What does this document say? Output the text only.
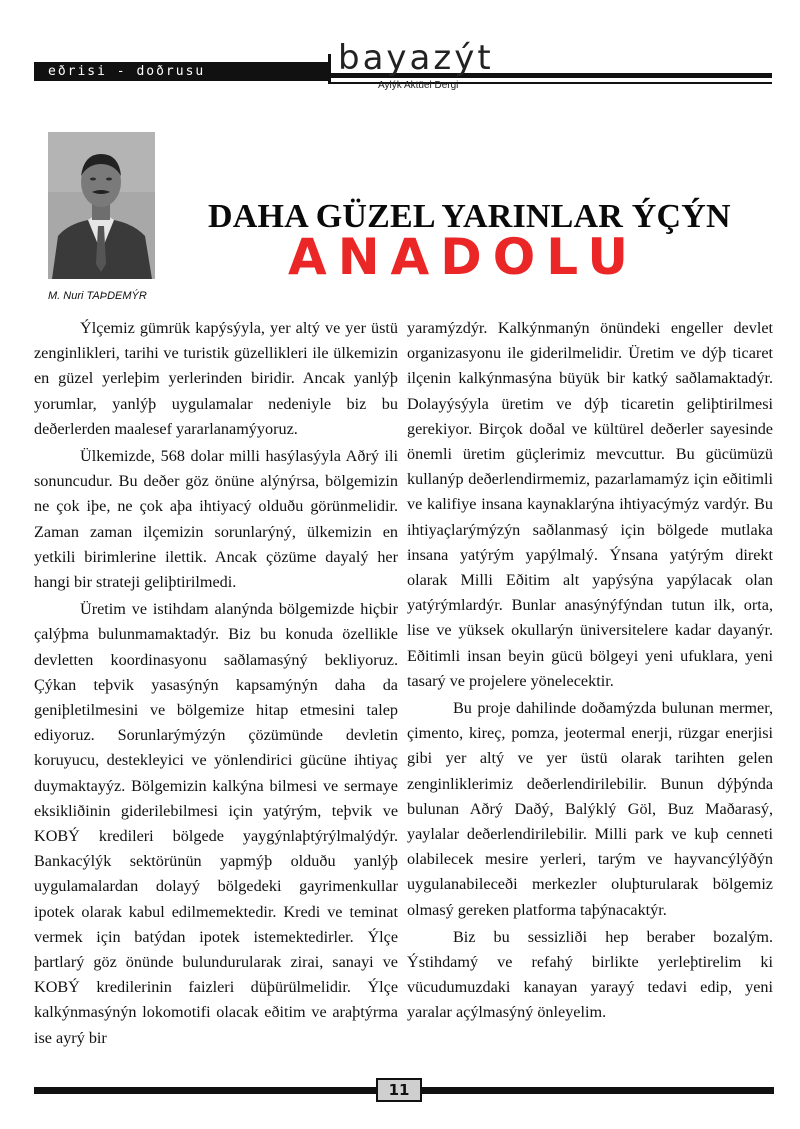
eðrisi - doðrusu	bayazýt
Aylýk Aktüel Dergi
M. Nuri TAÞDEMÝR
DAHA GÜZEL YARINLAR ÝÇÝN
ANADOLU

Ýlçemiz gümrük kapýsýyla, yer altý ve yer üstü zenginlikleri, tarihi ve turistik güzellikleri ile ülkemizin en güzel yerleþim yerlerinden biridir. Ancak yanlýþ yorumlar, yanlýþ uygulamalar nedeniyle biz bu deðerlerden maalesef yararlanamýyoruz.

Ülkemizde, 568 dolar milli hasýlasýyla Aðrý ili sonuncudur. Bu deðer göz önüne alýnýrsa, bölgemizin ne çok iþe, ne çok aþa ihtiyacý olduðu görünmelidir. Zaman zaman ilçemizin sorunlarýný, ülkemizin en yetkili birimlerine ilettik. Ancak çözüme dayalý her hangi bir strateji geliþtirilmedi.

Üretim ve istihdam alanýnda bölgemizde hiçbir çalýþma bulunmamaktadýr. Biz bu konuda özellikle devletten koordinasyonu saðlamasýný bekliyoruz. Çýkan teþvik yasasýnýn kapsamýnýn daha da geniþletilmesini ve bölgemize hitap etmesini talep ediyoruz. Sorunlarýmýzýn çözümünde devletin koruyucu, destekleyici ve yönlendirici gücüne ihtiyaç duymaktayýz. Bölgemizin kalkýna bilmesi ve sermaye eksikliðinin giderilebilmesi için yatýrým, teþvik ve KOBÝ kredileri bölgede yaygýnlaþtýrýlmalýdýr. Bankacýlýk sektörünün yapmýþ olduðu yanlýþ uygulamalardan dolayý bölgedeki gayrimenkullar ipotek olarak kabul edilmemektedir. Kredi ve teminat vermek için batýdan ipotek istemektedirler. Ýlçe þartlarý göz önünde bulundurularak zirai, sanayi ve KOBÝ kredilerinin faizleri düþürülmelidir. Ýlçe kalkýnmasýnýn lokomotifi olacak eðitim ve araþtýrma ise ayrý bir

yaramýzdýr. Kalkýnmanýn önündeki engeller devlet organizasyonu ile giderilmelidir. Üretim ve dýþ ticaret ilçenin kalkýnmasýna büyük bir katký saðlamaktadýr. Dolayýsýyla üretim ve dýþ ticaretin geliþtirilmesi gerekiyor. Birçok doðal ve kültürel deðerler sayesinde önemli üretim güçlerimiz mevcuttur. Bu gücümüzü kullanýp deðerlendirmemiz, pazarlamamýz için eðitimli ve kalifiye insana kaynaklarýna ihtiyacýmýz vardýr. Bu ihtiyaçlarýmýzýn saðlanmasý için bölgede mutlaka insana yatýrým yapýlmalý. Ýnsana yatýrým direkt olarak Milli Eðitim alt yapýsýna yapýlacak olan yatýrýmlardýr. Bunlar anasýnýfýndan tutun ilk, orta, lise ve yüksek okullarýn üniversitelere kadar dayanýr. Eðitimli insan beyin gücü bölgeyi yeni ufuklara, yeni tasarý ve projelere yönelecektir.

Bu proje dahilinde doðamýzda bulunan mermer, çimento, kireç, pomza, jeotermal enerji, rüzgar enerjisi gibi yer altý ve yer üstü olarak tarihten gelen zenginliklerimiz deðerlendirilebilir. Bunun dýþýnda bulunan Aðrý Daðý, Balýklý Göl, Buz Maðarasý, yaylalar deðerlendirilebilir. Milli park ve kuþ cenneti olabilecek mesire yerleri, tarým ve hayvancýlýðýn uygulanabileceði merkezler oluþturularak bölgemiz olmasý gereken platforma taþýnacaktýr.

Biz bu sessizliði hep beraber bozalým. Ýstihdamý ve refahý birlikte yerleþtirelim ki vücudumuzdaki kanayan yarayý tedavi edip, yeni yaralar açýlmasýný önleyelim.

11
